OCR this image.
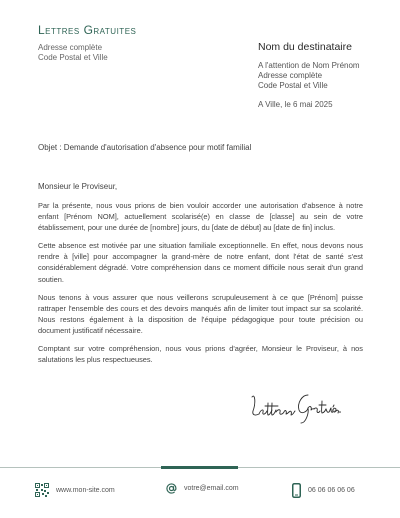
Lettres Gratuites
Adresse complète
Code Postal et Ville
Nom du destinataire
A l'attention de Nom Prénom
Adresse complète
Code Postal et Ville
A Ville, le 6 mai 2025
Objet : Demande d'autorisation d'absence pour motif familial
Monsieur le Proviseur,

Par la présente, nous vous prions de bien vouloir accorder une autorisation d'absence à notre enfant [Prénom NOM], actuellement scolarisé(e) en classe de [classe] au sein de votre établissement, pour une durée de [nombre] jours, du [date de début] au [date de fin] inclus.

Cette absence est motivée par une situation familiale exceptionnelle. En effet, nous devons nous rendre à [ville] pour accompagner la grand-mère de notre enfant, dont l'état de santé s'est considérablement dégradé. Votre compréhension dans ce moment difficile nous serait d'un grand soutien.

Nous tenons à vous assurer que nous veillerons scrupuleusement à ce que [Prénom] puisse rattraper l'ensemble des cours et des devoirs manqués afin de limiter tout impact sur sa scolarité. Nous restons également à la disposition de l'équipe pédagogique pour toute précision ou document justificatif nécessaire.

Comptant sur votre compréhension, nous vous prions d'agréer, Monsieur le Proviseur, à nos salutations les plus respectueuses.

www.mon-site.com	votre@email.com	06 06 06 06 06
